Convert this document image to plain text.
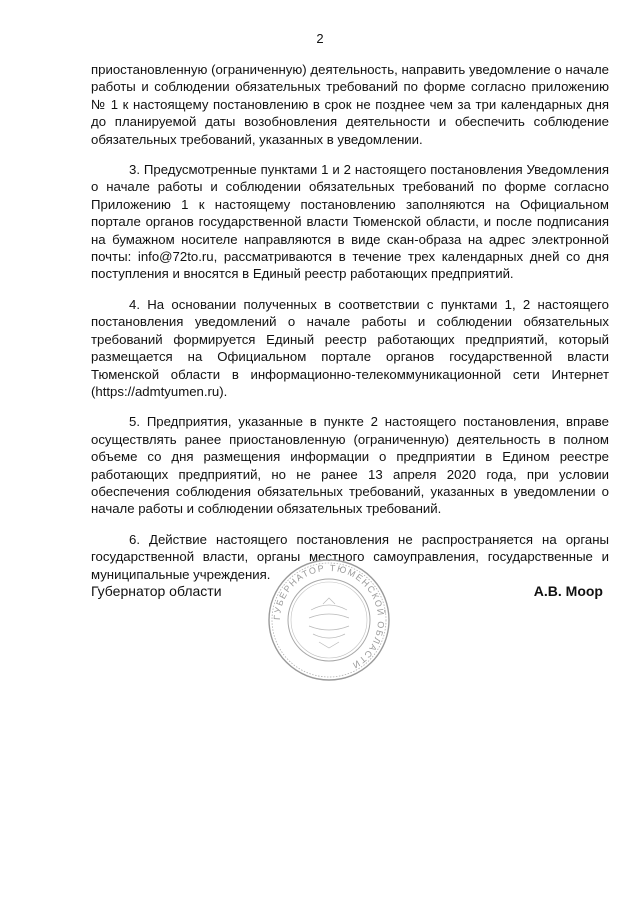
2

приостановленную (ограниченную) деятельность, направить уведомление о начале работы и соблюдении обязательных требований по форме согласно приложению № 1 к настоящему постановлению в срок не позднее чем за три календарных дня до планируемой даты возобновления деятельности и обеспечить соблюдение обязательных требований, указанных в уведомлении.

3. Предусмотренные пунктами 1 и 2 настоящего постановления Уведомления о начале работы и соблюдении обязательных требований по форме согласно Приложению 1 к настоящему постановлению заполняются на Официальном портале органов государственной власти Тюменской области, и после подписания на бумажном носителе направляются в виде скан-образа на адрес электронной почты: info@72to.ru, рассматриваются в течение трех календарных дней со дня поступления и вносятся в Единый реестр работающих предприятий.

4. На основании полученных в соответствии с пунктами 1, 2 настоящего постановления уведомлений о начале работы и соблюдении обязательных требований формируется Единый реестр работающих предприятий, который размещается на Официальном портале органов государственной власти Тюменской области в информационно-телекоммуникационной сети Интернет (https://admtyumen.ru).

5. Предприятия, указанные в пункте 2 настоящего постановления, вправе осуществлять ранее приостановленную (ограниченную) деятельность в полном объеме со дня размещения информации о предприятии в Едином реестре работающих предприятий, но не ранее 13 апреля 2020 года, при условии обеспечения соблюдения обязательных требований, указанных в уведомлении о начале работы и соблюдении обязательных требований.

6. Действие настоящего постановления не распространяется на органы государственной власти, органы местного самоуправления, государственные и муниципальные учреждения.

ГУБЕРНАТОР ТЮМЕНСКОЙ ОБЛАСТИ
Губернатор области	А.В. Моор
